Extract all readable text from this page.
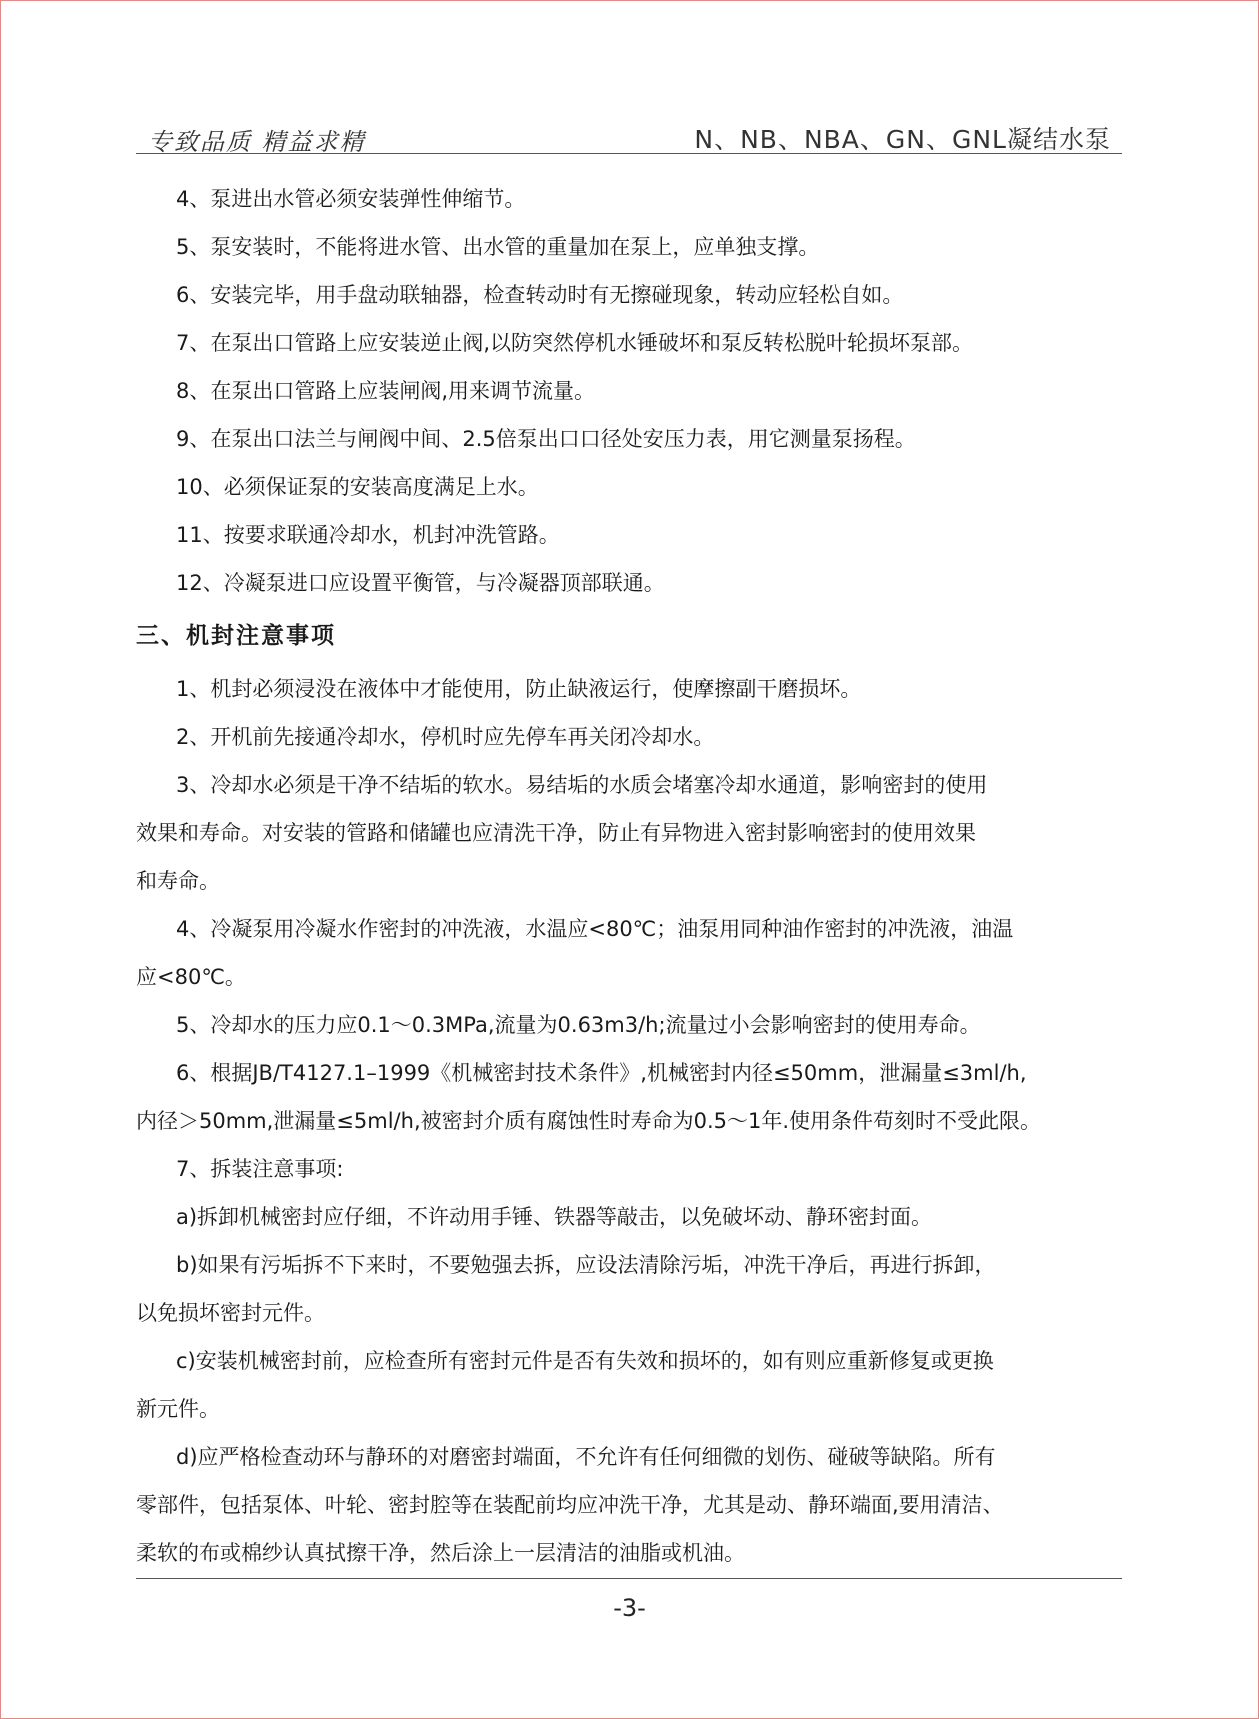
专致品质 精益求精	N、NB、NBA、GN、GNL凝结水泵

4、泵进出水管必须安装弹性伸缩节。

5、泵安装时，不能将进水管、出水管的重量加在泵上，应单独支撑。

6、安装完毕，用手盘动联轴器，检查转动时有无擦碰现象，转动应轻松自如。

7、在泵出口管路上应安装逆止阀,以防突然停机水锤破坏和泵反转松脱叶轮损坏泵部。

8、在泵出口管路上应装闸阀,用来调节流量。

9、在泵出口法兰与闸阀中间、2.5倍泵出口口径处安压力表，用它测量泵扬程。

10、必须保证泵的安装高度满足上水。

11、按要求联通冷却水，机封冲洗管路。

12、冷凝泵进口应设置平衡管，与冷凝器顶部联通。

三、机封注意事项

1、机封必须浸没在液体中才能使用，防止缺液运行，使摩擦副干磨损坏。

2、开机前先接通冷却水，停机时应先停车再关闭冷却水。

3、冷却水必须是干净不结垢的软水。易结垢的水质会堵塞冷却水通道，影响密封的使用

效果和寿命。对安装的管路和储罐也应清洗干净，防止有异物进入密封影响密封的使用效果

和寿命。

4、冷凝泵用冷凝水作密封的冲洗液，水温应<80℃；油泵用同种油作密封的冲洗液，油温

应<80℃。

5、冷却水的压力应0.1～0.3MPa,流量为0.63m3/h;流量过小会影响密封的使用寿命。

6、根据JB/T4127.1–1999《机械密封技术条件》,机械密封内径≤50mm，泄漏量≤3ml/h,

内径＞50mm,泄漏量≤5ml/h,被密封介质有腐蚀性时寿命为0.5～1年.使用条件苟刻时不受此限。

7、拆装注意事项:

a)拆卸机械密封应仔细，不许动用手锤、铁器等敲击，以免破坏动、静环密封面。

b)如果有污垢拆不下来时，不要勉强去拆，应设法清除污垢，冲洗干净后，再进行拆卸，

以免损坏密封元件。

c)安装机械密封前，应检查所有密封元件是否有失效和损坏的，如有则应重新修复或更换

新元件。

d)应严格检查动环与静环的对磨密封端面，不允许有任何细微的划伤、碰破等缺陷。所有

零部件，包括泵体、叶轮、密封腔等在装配前均应冲洗干净，尤其是动、静环端面,要用清洁、

柔软的布或棉纱认真拭擦干净，然后涂上一层清洁的油脂或机油。

-3-
